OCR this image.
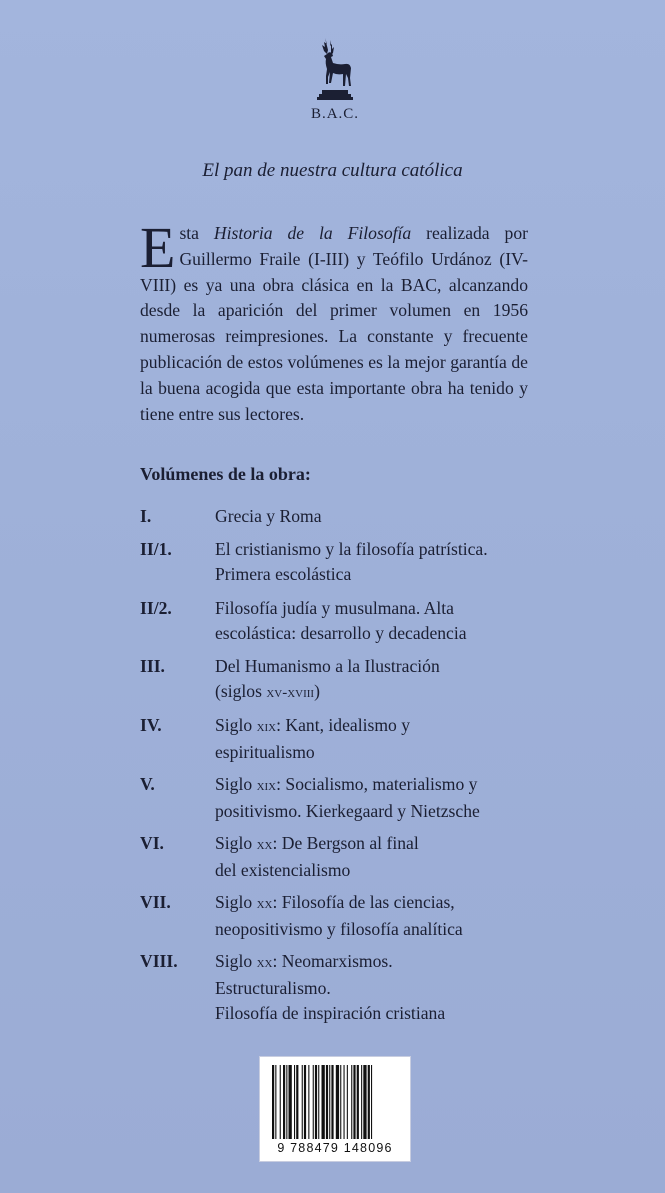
B.A.C.
El pan de nuestra cultura católica
Esta Historia de la Filosofía realizada por Guillermo Fraile (I-III) y Teófilo Urdánoz (IV-VIII) es ya una obra clásica en la BAC, alcanzando desde la aparición del primer volumen en 1956 numerosas reimpresiones. La constante y frecuente publicación de estos volúmenes es la mejor garantía de la buena acogida que esta importante obra ha tenido y tiene entre sus lectores.
Volúmenes de la obra:
I.	Grecia y Roma
II/1.	El cristianismo y la filosofía patrística.
Primera escolástica
II/2.	Filosofía judía y musulmana. Alta
escolástica: desarrollo y decadencia
III.	Del Humanismo a la Ilustración
(siglos xv-xviii)
IV.	Siglo xix: Kant, idealismo y
espiritualismo
V.	Siglo xix: Socialismo, materialismo y
positivismo. Kierkegaard y Nietzsche
VI.	Siglo xx: De Bergson al final
del existencialismo
VII.	Siglo xx: Filosofía de las ciencias,
neopositivismo y filosofía analítica
VIII.	Siglo xx: Neomarxismos.
Estructuralismo.
Filosofía de inspiración cristiana
9 788479 148096
